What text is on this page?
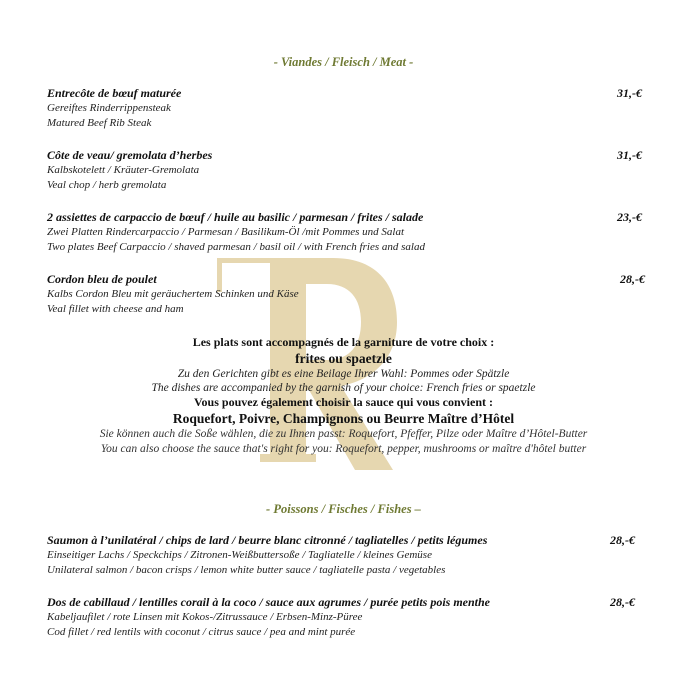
- Viandes / Fleisch / Meat -
Entrecôte de bœuf maturée
Gereiftes Rinderrippensteak
Matured Beef Rib Steak
31,-€
Côte de veau/ gremolata d’herbes
Kalbskotelett / Kräuter-Gremolata
Veal chop / herb gremolata
31,-€
2 assiettes de carpaccio de bœuf / huile au basilic / parmesan / frites / salade
Zwei Platten Rindercarpaccio / Parmesan / Basilikum-Öl /mit Pommes und Salat
Two plates Beef Carpaccio / shaved parmesan / basil oil / with French fries and salad
23,-€
Cordon bleu de poulet
Kalbs Cordon Bleu mit geräuchertem Schinken und Käse
Veal fillet with cheese and ham
28,-€
Les plats sont accompagnés de la garniture de votre choix :
frites ou spaetzle
Zu den Gerichten gibt es eine Beilage Ihrer Wahl: Pommes oder Spätzle
The dishes are accompanied by the garnish of your choice: French fries or spaetzle
Vous pouvez également choisir la sauce qui vous convient :
Roquefort, Poivre, Champignons ou Beurre Maître d’Hôtel
Sie können auch die Soße wählen, die zu Ihnen passt: Roquefort, Pfeffer, Pilze oder Maître d’Hôtel-Butter
You can also choose the sauce that's right for you: Roquefort, pepper, mushrooms or maître d'hôtel butter
- Poissons / Fisches / Fishes –
Saumon à l’unilatéral / chips de lard / beurre blanc citronné / tagliatelles / petits légumes
Einseitiger Lachs / Speckchips / Zitronen-Weißbuttersoße / Tagliatelle / kleines Gemüse
Unilateral salmon / bacon crisps / lemon white butter sauce / tagliatelle pasta / vegetables
28,-€
Dos de cabillaud / lentilles corail à la coco / sauce aux agrumes / purée petits pois menthe
Kabeljaufilet / rote Linsen mit Kokos-/Zitrussauce / Erbsen-Minz-Püree
Cod fillet / red lentils with coconut / citrus sauce / pea and mint purée
28,-€
